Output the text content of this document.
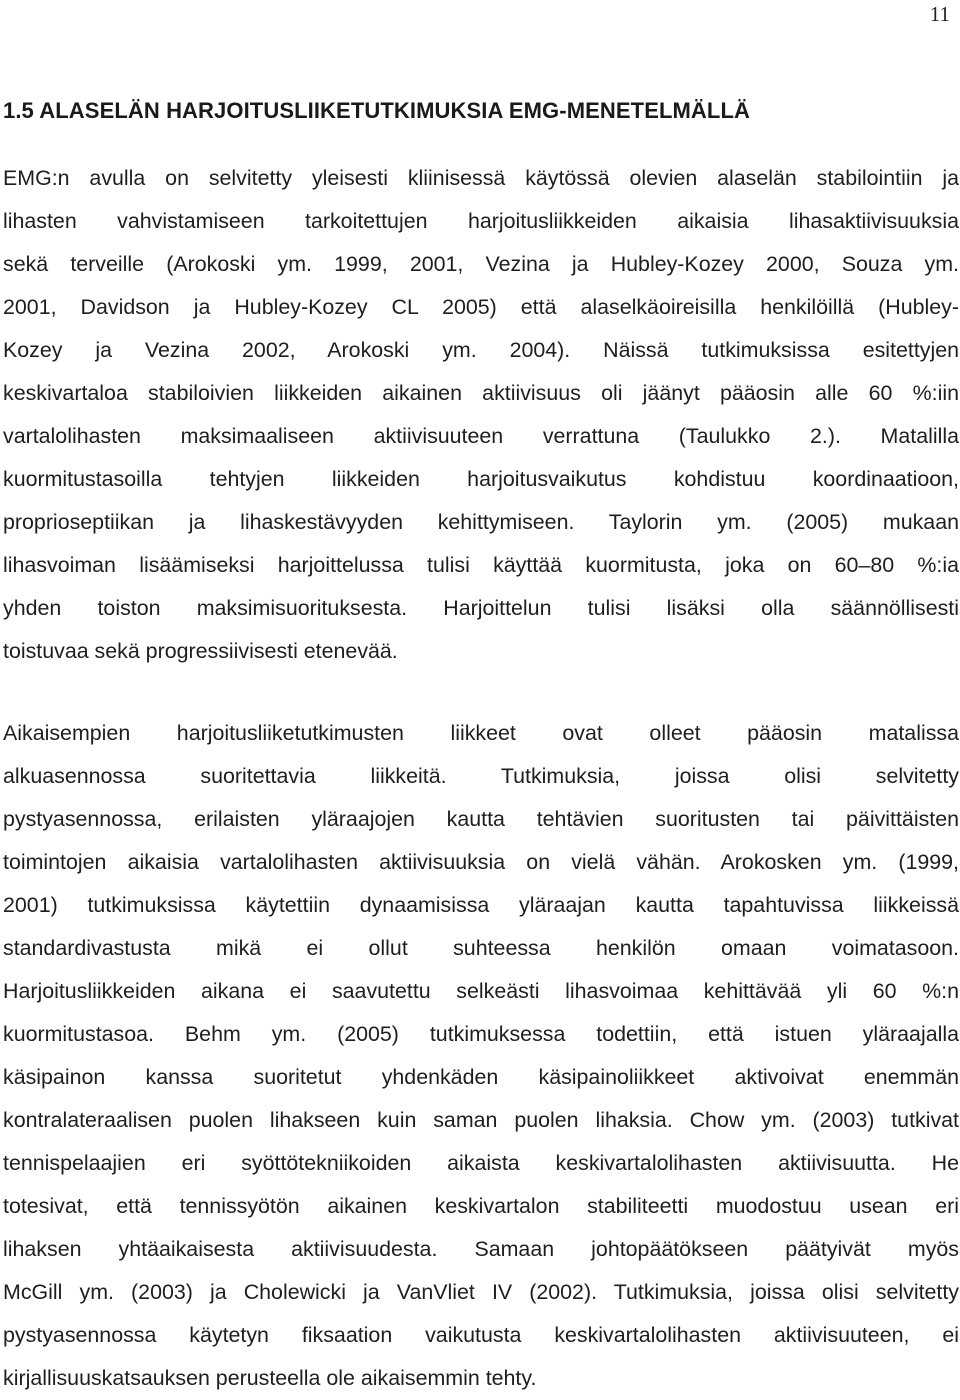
11
1.5 ALASELÄN HARJOITUSLIIKETUTKIMUKSIA EMG-MENETELMÄLLÄ
EMG:n avulla on selvitetty yleisesti kliinisessä käytössä olevien alaselän stabilointiin ja
lihasten vahvistamiseen tarkoitettujen harjoitusliikkeiden aikaisia lihasaktiivisuuksia
sekä terveille (Arokoski ym. 1999, 2001, Vezina ja Hubley-Kozey 2000, Souza ym.
2001, Davidson ja Hubley-Kozey CL 2005) että alaselkäoireisilla henkilöillä (Hubley-
Kozey ja Vezina 2002, Arokoski ym. 2004). Näissä tutkimuksissa esitettyjen
keskivartaloa stabiloivien liikkeiden aikainen aktiivisuus oli jäänyt pääosin alle 60 %:iin
vartalolihasten maksimaaliseen aktiivisuuteen verrattuna (Taulukko 2.). Matalilla
kuormitustasoilla tehtyjen liikkeiden harjoitusvaikutus kohdistuu koordinaatioon,
proprioseptiikan ja lihaskestävyyden kehittymiseen. Taylorin ym. (2005) mukaan
lihasvoiman lisäämiseksi harjoittelussa tulisi käyttää kuormitusta, joka on 60–80 %:ia
yhden toiston maksimisuorituksesta. Harjoittelun tulisi lisäksi olla säännöllisesti
toistuvaa sekä progressiivisesti etenevää.
Aikaisempien harjoitusliiketutkimusten liikkeet ovat olleet pääosin matalissa
alkuasennossa suoritettavia liikkeitä. Tutkimuksia, joissa olisi selvitetty
pystyasennossa, erilaisten yläraajojen kautta tehtävien suoritusten tai päivittäisten
toimintojen aikaisia vartalolihasten aktiivisuuksia on vielä vähän. Arokosken ym. (1999,
2001) tutkimuksissa käytettiin dynaamisissa yläraajan kautta tapahtuvissa liikkeissä
standardivastusta mikä ei ollut suhteessa henkilön omaan voimatasoon.
Harjoitusliikkeiden aikana ei saavutettu selkeästi lihasvoimaa kehittävää yli 60 %:n
kuormitustasoa. Behm ym. (2005) tutkimuksessa todettiin, että istuen yläraajalla
käsipainon kanssa suoritetut yhdenkäden käsipainoliikkeet aktivoivat enemmän
kontralateraalisen puolen lihakseen kuin saman puolen lihaksia. Chow ym. (2003) tutkivat
tennispelaajien eri syöttötekniikoiden aikaista keskivartalolihasten aktiivisuutta. He
totesivat, että tennissyötön aikainen keskivartalon stabiliteetti muodostuu usean eri
lihaksen yhtäaikaisesta aktiivisuudesta. Samaan johtopäätökseen päätyivät myös
McGill ym. (2003) ja Cholewicki ja VanVliet IV (2002). Tutkimuksia, joissa olisi selvitetty
pystyasennossa käytetyn fiksaation vaikutusta keskivartalolihasten aktiivisuuteen, ei
kirjallisuuskatsauksen perusteella ole aikaisemmin tehty.
